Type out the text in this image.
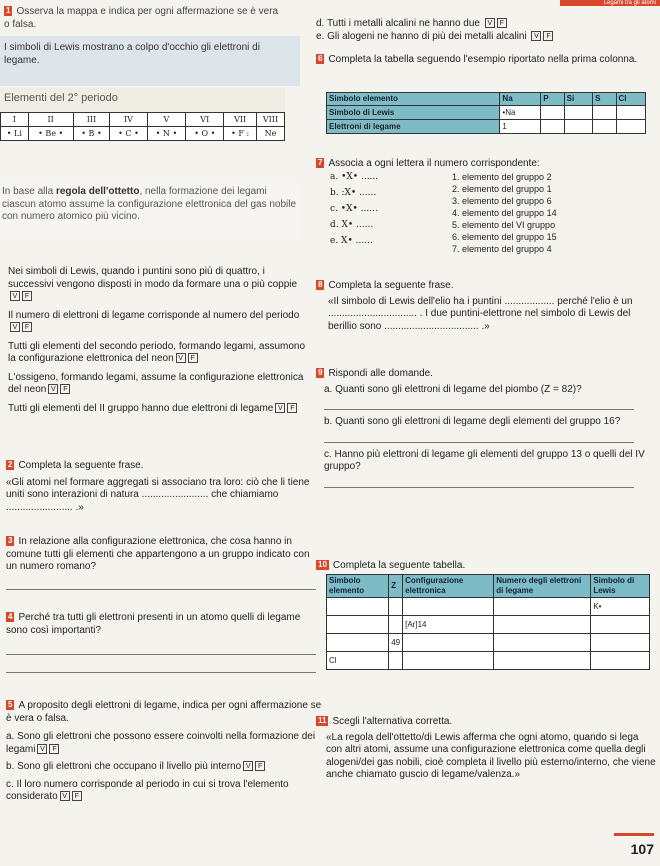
Legami tra gli atomi
1 Osserva la mappa e indica per ogni affermazione se è vera
o falsa.
I simboli di Lewis mostrano a colpo d'occhio gli elettroni di legame.
Elementi del 2° periodo
I	II	III	IV	V	VI	VII	VIII
• Li	• Be •	• B •	• C •	• N •	• O •	• F :	Ne
In base alla regola dell'ottetto, nella formazione dei legami ciascun atomo assume la configurazione elettronica del gas nobile con numero atomico più vicino.
Nei simboli di Lewis, quando i puntini sono più di quattro, i successivi vengono disposti in modo da formare una o più coppieV F
Il numero di elettroni di legame corrisponde al numero del periodoV F
Tutti gli elementi del secondo periodo, formando legami, assumono la configurazione elettronica del neon V F
L'ossigeno, formando legami, assume la configurazione elettronica del neon V F
Tutti gli elementi del II gruppo hanno due elettroni di legame V F
2 Completa la seguente frase.
«Gli atomi nel formare aggregati si associano tra loro: ciò che li tiene uniti sono interazioni di natura ........................ che chiamiamo ........................ .»
3 In relazione alla configurazione elettronica, che cosa hanno in comune tutti gli elementi che appartengono a un gruppo indicato con un numero romano?
4 Perché tra tutti gli elettroni presenti in un atomo quelli di legame sono così importanti?
5 A proposito degli elettroni di legame, indica per ogni affermazione se è vera o falsa.
a. Sono gli elettroni che possono essere coinvolti nella formazione dei legami V F
b. Sono gli elettroni che occupano il livello più interno V F
c. Il loro numero corrisponde al periodo in cui si trova l'elemento considerato V F
d. Tutti i metalli alcalini ne hanno due V F
e. Gli alogeni ne hanno di più dei metalli alcalini V F
6 Completa la tabella seguendo l'esempio riportato nella prima colonna.
Simbolo elemento	Na	P	Si	S	Cl
Simbolo di Lewis	•Na				
Elettroni di legame	1				
7 Associa a ogni lettera il numero corrispondente:
a. •X• ......
b. :X• ......
c. •X• ......
d. X• ......
e. X• ......
1. elemento del gruppo 2
2. elemento del gruppo 1
3. elemento del gruppo 6
4. elemento del gruppo 14
5. elemento del VI gruppo
6. elemento del gruppo 15
7. elemento del gruppo 4
8 Completa la seguente frase.
«Il simbolo di Lewis dell'elio ha i puntini .................. perché l'elio è un ................................ . I due puntini-elettrone nel simbolo di Lewis del berillio sono .................................. .»
9 Rispondi alle domande.
a. Quanti sono gli elettroni di legame del piombo (Z = 82)?
b. Quanti sono gli elettroni di legame degli elementi del gruppo 16?
c. Hanno più elettroni di legame gli elementi del gruppo 13 o quelli del IV gruppo?
10 Completa la seguente tabella.
Simbolo elemento	Z	Configurazione elettronica	Numero degli elettroni di legame	Simbolo di Lewis
				K•
		[Ar]14		
	49			
Cl				
11 Scegli l'alternativa corretta.
«La regola dell'ottetto/di Lewis afferma che ogni atomo, quando si lega con altri atomi, assume una configurazione elettronica come quella degli alogeni/dei gas nobili, cioè completa il livello più esterno/interno, che viene anche chiamato guscio di legame/valenza.»
107
